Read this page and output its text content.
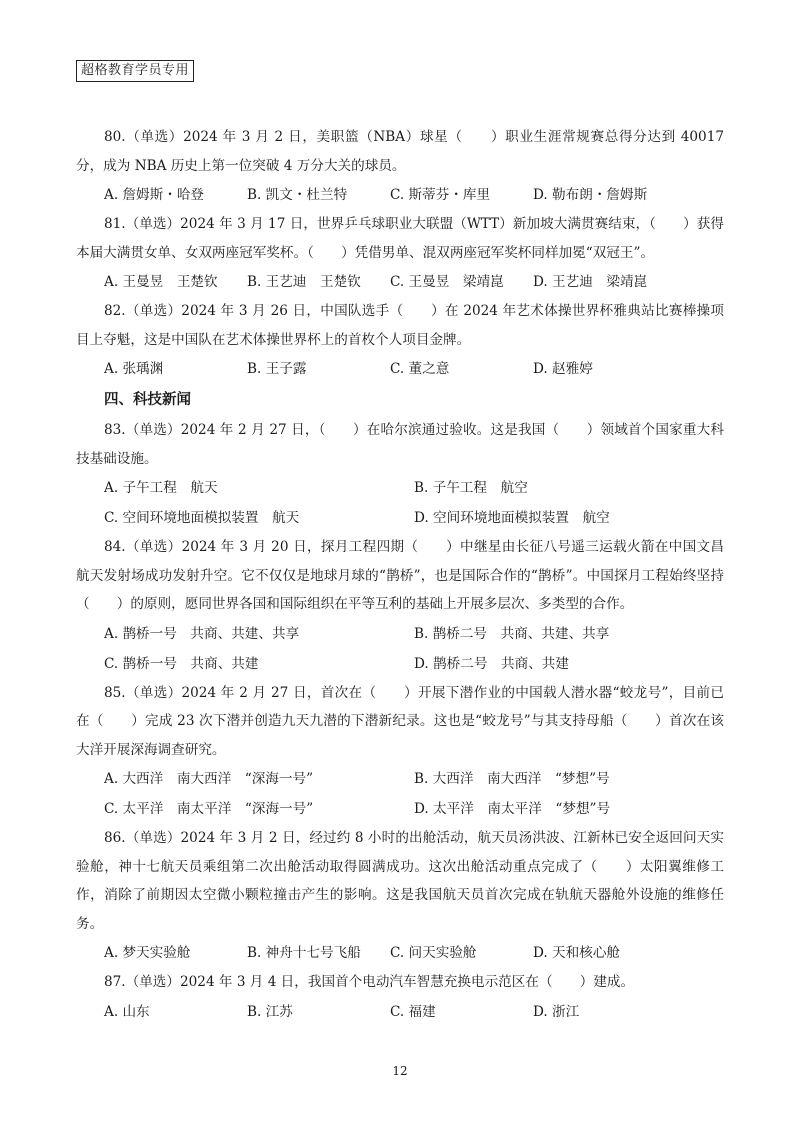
超格教育学员专用

80.（单选）2024 年 3 月 2 日，美职篮（NBA）球星（　　）职业生涯常规赛总得分达到 40017 分，成为 NBA 历史上第一位突破 4 万分大关的球员。

A. 詹姆斯・哈登	B. 凯文・杜兰特	C. 斯蒂芬・库里	D. 勒布朗・詹姆斯

81.（单选）2024 年 3 月 17 日，世界乒乓球职业大联盟（WTT）新加坡大满贯赛结束，（　　）获得本届大满贯女单、女双两座冠军奖杯。（　　）凭借男单、混双两座冠军奖杯同样加冕“双冠王”。

A. 王曼昱　王楚钦	B. 王艺迪　王楚钦	C. 王曼昱　梁靖崑	D. 王艺迪　梁靖崑

82.（单选）2024 年 3 月 26 日，中国队选手（　　）在 2024 年艺术体操世界杯雅典站比赛棒操项目上夺魁，这是中国队在艺术体操世界杯上的首枚个人项目金牌。

A. 张瑀渊	B. 王子露	C. 董之意	D. 赵雅婷

四、科技新闻

83.（单选）2024 年 2 月 27 日，（　　）在哈尔滨通过验收。这是我国（　　）领域首个国家重大科技基础设施。

A. 子午工程　航天	B. 子午工程　航空
C. 空间环境地面模拟装置　航天	D. 空间环境地面模拟装置　航空

84.（单选）2024 年 3 月 20 日，探月工程四期（　　）中继星由长征八号遥三运载火箭在中国文昌航天发射场成功发射升空。它不仅仅是地球月球的“鹊桥”，也是国际合作的“鹊桥”。中国探月工程始终坚持（　　）的原则，愿同世界各国和国际组织在平等互利的基础上开展多层次、多类型的合作。

A. 鹊桥一号　共商、共建、共享	B. 鹊桥二号　共商、共建、共享
C. 鹊桥一号　共商、共建	D. 鹊桥二号　共商、共建

85.（单选）2024 年 2 月 27 日，首次在（　　）开展下潜作业的中国载人潜水器“蛟龙号”，目前已在（　　）完成 23 次下潜并创造九天九潜的下潜新纪录。这也是“蛟龙号”与其支持母船（　　）首次在该大洋开展深海调查研究。

A. 大西洋　南大西洋　“深海一号”	B. 大西洋　南大西洋　“梦想”号
C. 太平洋　南太平洋　“深海一号”	D. 太平洋　南太平洋　“梦想”号

86.（单选）2024 年 3 月 2 日，经过约 8 小时的出舱活动，航天员汤洪波、江新林已安全返回问天实验舱，神十七航天员乘组第二次出舱活动取得圆满成功。这次出舱活动重点完成了（　　）太阳翼维修工作，消除了前期因太空微小颗粒撞击产生的影响。这是我国航天员首次完成在轨航天器舱外设施的维修任务。

A. 梦天实验舱	B. 神舟十七号飞船	C. 问天实验舱	D. 天和核心舱

87.（单选）2024 年 3 月 4 日，我国首个电动汽车智慧充换电示范区在（　　）建成。

A. 山东	B. 江苏	C. 福建	D. 浙江
12
